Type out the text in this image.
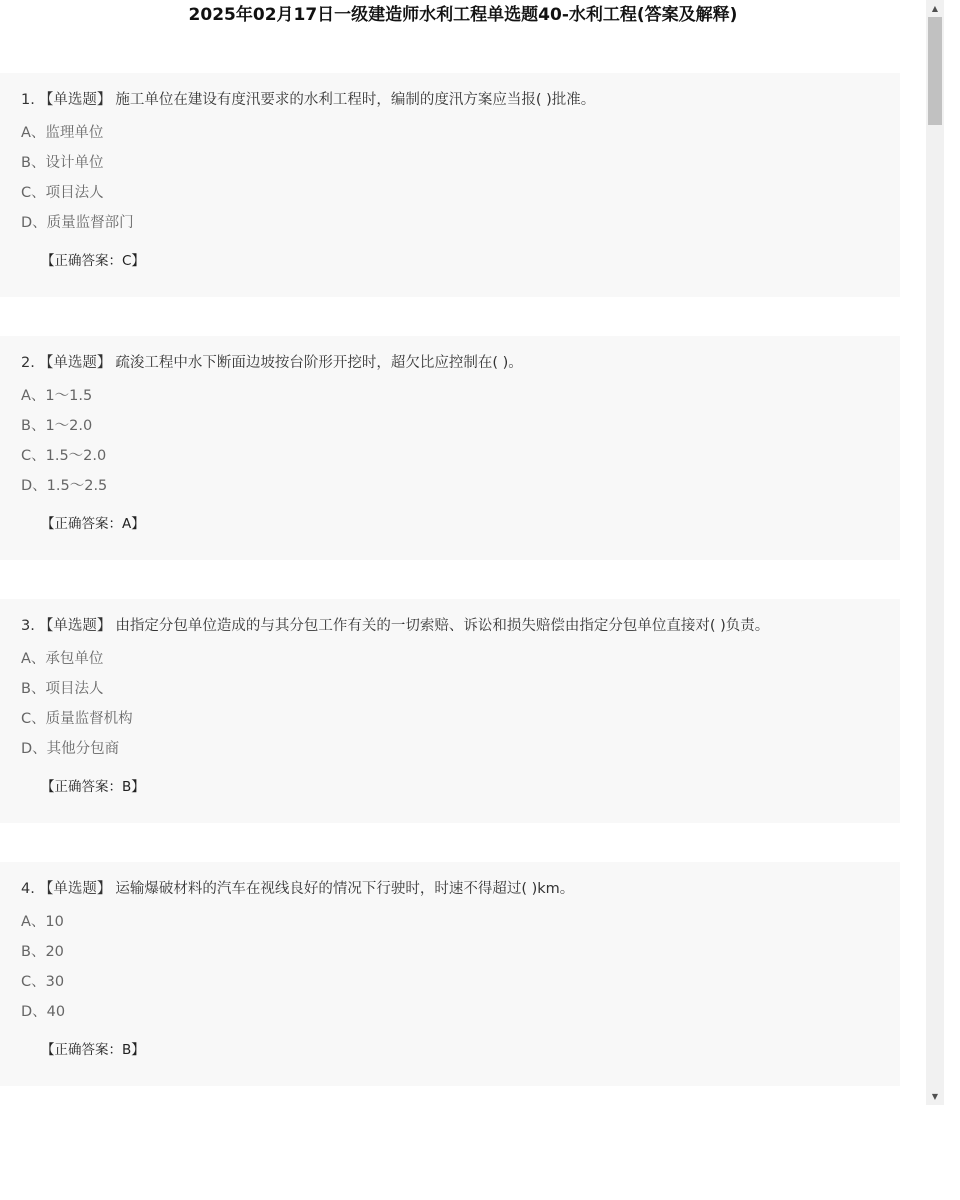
2025年02月17日一级建造师水利工程单选题40-水利工程(答案及解释)
1. 【单选题】 施工单位在建设有度汛要求的水利工程时，编制的度汛方案应当报( )批准。
A、监理单位
B、设计单位
C、项目法人
D、质量监督部门
【正确答案：C】
2. 【单选题】 疏浚工程中水下断面边坡按台阶形开挖时，超欠比应控制在( )。
A、1～1.5
B、1～2.0
C、1.5～2.0
D、1.5～2.5
【正确答案：A】
3. 【单选题】 由指定分包单位造成的与其分包工作有关的一切索赔、诉讼和损失赔偿由指定分包单位直接对( )负责。
A、承包单位
B、项目法人
C、质量监督机构
D、其他分包商
【正确答案：B】
4. 【单选题】 运输爆破材料的汽车在视线良好的情况下行驶时，时速不得超过( )km。
A、10
B、20
C、30
D、40
【正确答案：B】
▲
▼
